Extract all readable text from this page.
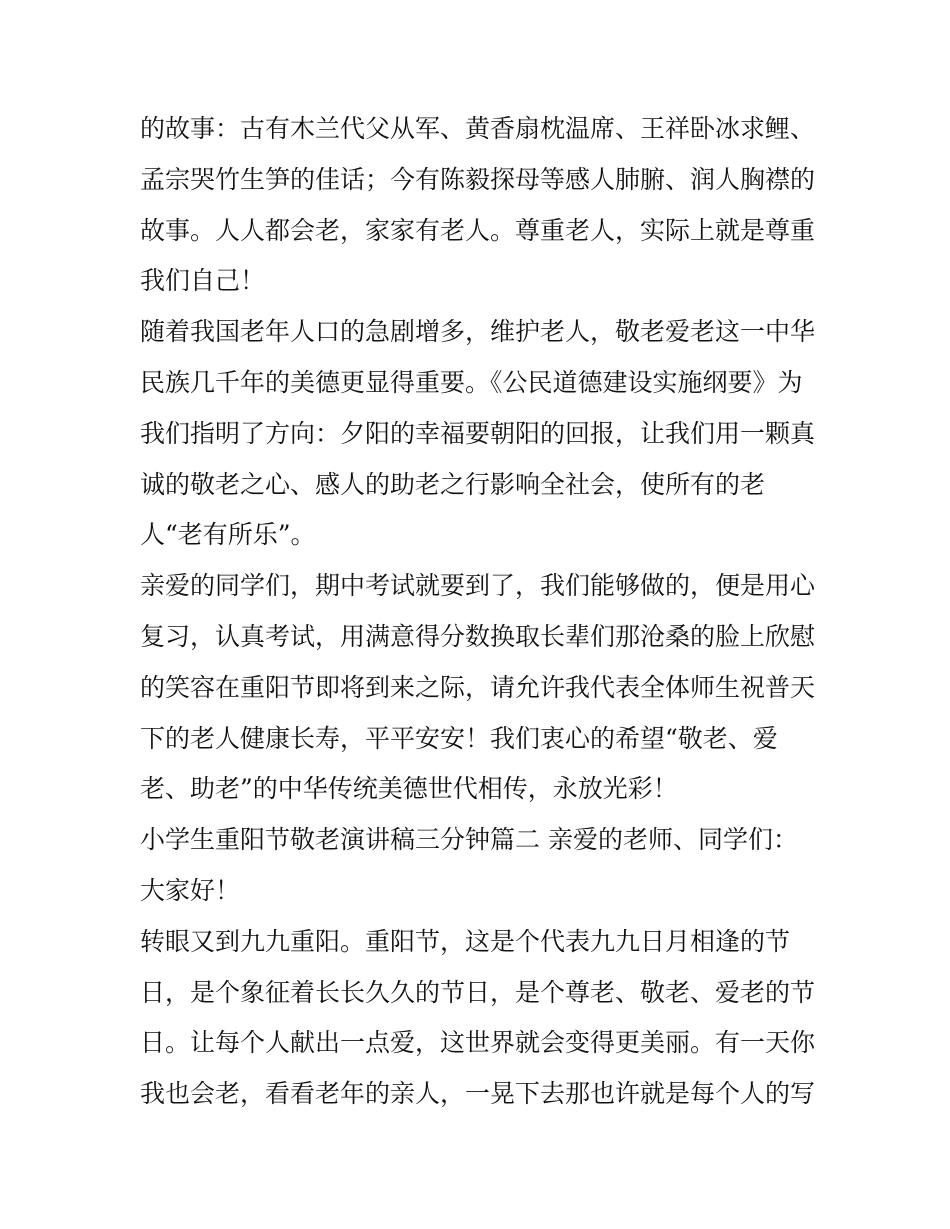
的故事：古有木兰代父从军、黄香扇枕温席、王祥卧冰求鲤、
孟宗哭竹生笋的佳话；今有陈毅探母等感人肺腑、润人胸襟的
故事。人人都会老，家家有老人。尊重老人，实际上就是尊重
我们自己！
随着我国老年人口的急剧增多，维护老人，敬老爱老这一中华
民族几千年的美德更显得重要。《公民道德建设实施纲要》为
我们指明了方向：夕阳的幸福要朝阳的回报，让我们用一颗真
诚的敬老之心、感人的助老之行影响全社会，使所有的老
人“老有所乐”。
亲爱的同学们，期中考试就要到了，我们能够做的，便是用心
复习，认真考试，用满意得分数换取长辈们那沧桑的脸上欣慰
的笑容在重阳节即将到来之际，请允许我代表全体师生祝普天
下的老人健康长寿，平平安安！我们衷心的希望“敬老、爱
老、助老”的中华传统美德世代相传，永放光彩！
小学生重阳节敬老演讲稿三分钟篇二 亲爱的老师、同学们：
大家好！
转眼又到九九重阳。重阳节，这是个代表九九日月相逢的节
日，是个象征着长长久久的节日，是个尊老、敬老、爱老的节
日。让每个人献出一点爱，这世界就会变得更美丽。有一天你
我也会老，看看老年的亲人，一晃下去那也许就是每个人的写
